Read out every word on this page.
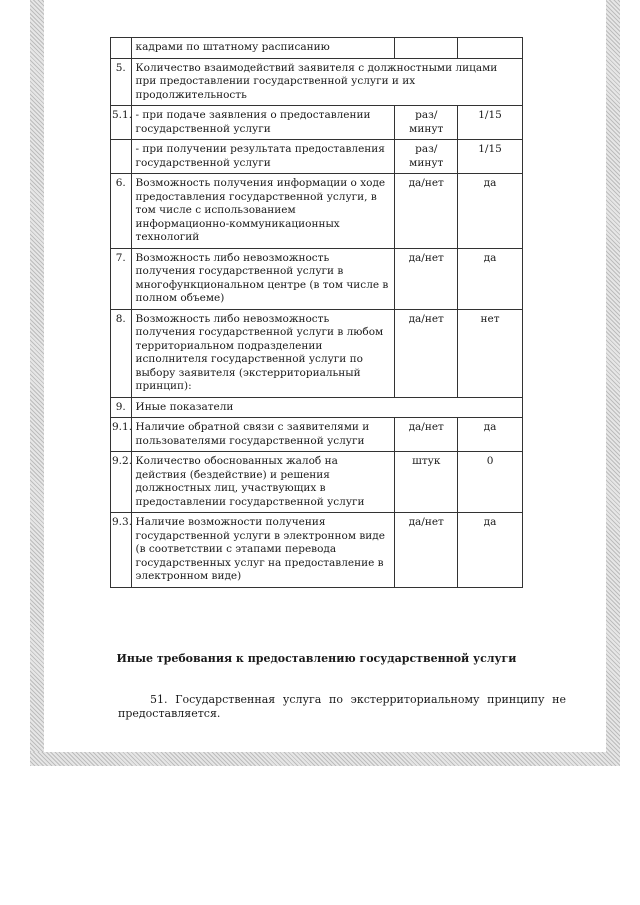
	кадрами по штатному расписанию		
5.	Количество взаимодействий заявителя с должностными лицами при предоставлении государственной услуги и их продолжительность		
5.1.	- при подаче заявления о предоставлении государственной услуги	раз/минут	1/15
	- при получении результата предоставления государственной услуги	раз/минут	1/15
6.	Возможность получения информации о ходе предоставления государственной услуги, в том числе с использованием информационно-коммуникационных технологий	да/нет	да
7.	Возможность либо невозможность получения государственной услуги в многофункциональном центре (в том числе в полном объеме)	да/нет	да
8.	Возможность либо невозможность получения государственной услуги в любом территориальном подразделении исполнителя государственной услуги по выбору заявителя (экстерриториальный принцип):	да/нет	нет
9.	Иные показатели		
9.1.	Наличие обратной связи с заявителями и пользователями государственной услуги	да/нет	да
9.2.	Количество обоснованных жалоб на действия (бездействие) и решения должностных лиц, участвующих в предоставлении государственной услуги	штук	0
9.3.	Наличие возможности получения государственной услуги в электронном виде (в соответствии с этапами перевода государственных услуг на предоставление в электронном виде)	да/нет	да
Иные требования к предоставлению государственной услуги
51. Государственная услуга по экстерриториальному принципу не
предоставляется.
